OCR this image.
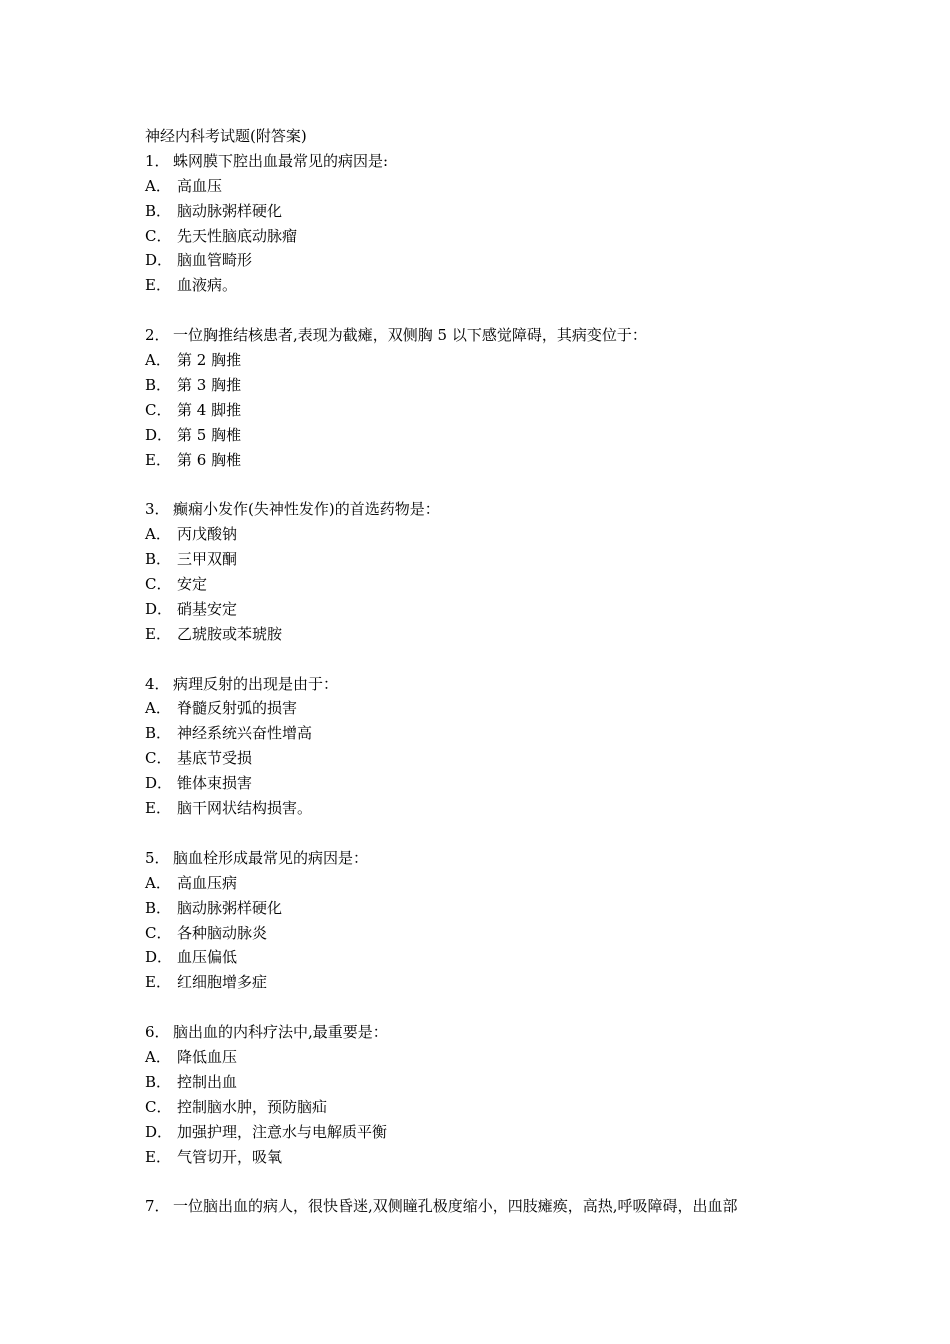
神经内科考试题(附答案)
1． 蛛网膜下腔出血最常见的病因是:
A． 高血压
B． 脑动脉粥样硬化
C． 先天性脑底动脉瘤
D． 脑血管畸形
E． 血液病。
2． 一位胸推结核患者,表现为截瘫，双侧胸 5 以下感觉障碍，其病变位于：
A． 第 2 胸推
B． 第 3 胸推
C． 第 4 脚推
D． 第 5 胸椎
E． 第 6 胸椎
3． 癫痫小发作(失神性发作)的首选药物是：
A． 丙戊酸钠
B． 三甲双酮
C． 安定
D． 硝基安定
E． 乙琥胺或苯琥胺
4． 病理反射的出现是由于：
A． 脊髓反射弧的损害
B． 神经系统兴奋性增高
C． 基底节受损
D． 锥体束损害
E． 脑干网状结构损害。
5． 脑血栓形成最常见的病因是：
A． 高血压病
B． 脑动脉粥样硬化
C． 各种脑动脉炎
D． 血压偏低
E． 红细胞增多症
6． 脑出血的内科疗法中,最重要是：
A． 降低血压
B． 控制出血
C． 控制脑水肿，预防脑疝
D． 加强护理，注意水与电解质平衡
E． 气管切开，吸氧
7． 一位脑出血的病人，很快昏迷,双侧瞳孔极度缩小，四肢瘫痪，高热,呼吸障碍，出血部
